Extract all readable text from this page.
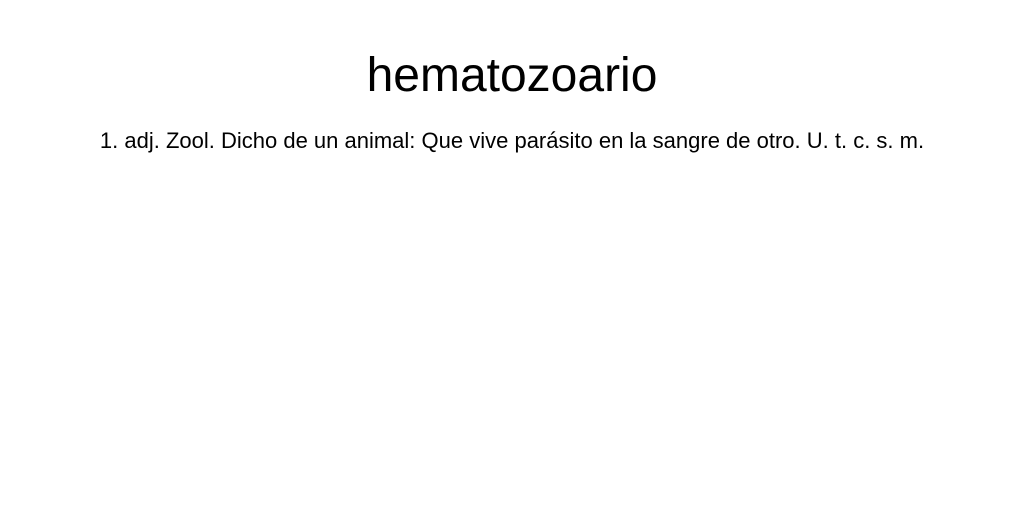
hematozoario

1. adj. Zool. Dicho de un animal: Que vive parásito en la sangre de otro. U. t. c. s. m.
